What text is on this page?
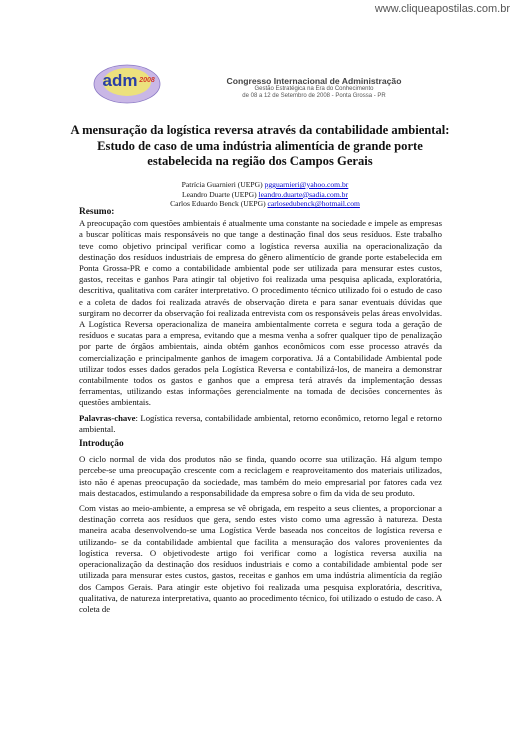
www.cliqueapostilas.com.br
adm 2008	Congresso Internacional de Administração
Gestão Estratégica na Era do Conhecimento
de 08 a 12 de Setembro de 2008 - Ponta Grossa - PR
A mensuração da logística reversa através da contabilidade ambiental:
Estudo de caso de uma indústria alimentícia de grande porte
estabelecida na região dos Campos Gerais
Patrícia Guarnieri (UEPG) pgguarnieri@yahoo.com.br
Leandro Duarte (UEPG) leandro.duarte@sadia.com.br
Carlos Eduardo Benck (UEPG) carlosedubenck@hotmail.com

Resumo:

A preocupação com questões ambientais é atualmente uma constante na sociedade e impele as empresas a buscar políticas mais responsáveis no que tange a destinação final dos seus resíduos. Este trabalho teve como objetivo principal verificar como a logística reversa auxilia na operacionalização da destinação dos resíduos industriais de empresa do gênero alimentício de grande porte estabelecida em Ponta Grossa-PR e como a contabilidade ambiental pode ser utilizada para mensurar estes custos, gastos, receitas e ganhos Para atingir tal objetivo foi realizada uma pesquisa aplicada, exploratória, descritiva, qualitativa com caráter interpretativo. O procedimento técnico utilizado foi o estudo de caso e a coleta de dados foi realizada através de observação direta e para sanar eventuais dúvidas que surgiram no decorrer da observação foi realizada entrevista com os responsáveis pelas áreas envolvidas. A Logística Reversa operacionaliza de maneira ambientalmente correta e segura toda a geração de resíduos e sucatas para a empresa, evitando que a mesma venha a sofrer qualquer tipo de penalização por parte de órgãos ambientais, ainda obtém ganhos econômicos com esse processo através da comercialização e principalmente ganhos de imagem corporativa. Já a Contabilidade Ambiental pode utilizar todos esses dados gerados pela Logística Reversa e contabilizá-los, de maneira a demonstrar contabilmente todos os gastos e ganhos que a empresa terá através da implementação dessas ferramentas, utilizando estas informações gerencialmente na tomada de decisões concernentes às questões ambientais.

Palavras-chave: Logística reversa, contabilidade ambiental, retorno econômico, retorno legal e retorno ambiental.

Introdução

O ciclo normal de vida dos produtos não se finda, quando ocorre sua utilização. Há algum tempo percebe-se uma preocupação crescente com a reciclagem e reaproveitamento dos materiais utilizados, isto não é apenas preocupação da sociedade, mas também do meio empresarial por fatores cada vez mais destacados, estimulando a responsabilidade da empresa sobre o fim da vida de seu produto.

Com vistas ao meio-ambiente, a empresa se vê obrigada, em respeito a seus clientes, a proporcionar a destinação correta aos resíduos que gera, sendo estes visto como uma agressão à natureza. Desta maneira acaba desenvolvendo-se uma Logística Verde baseada nos conceitos de logística reversa e utilizando- se da contabilidade ambiental que facilita a mensuração dos valores provenientes da logística reversa. O objetivodeste artigo foi verificar como a logística reversa auxilia na operacionalização da destinação dos resíduos industriais e como a contabilidade ambiental pode ser utilizada para mensurar estes custos, gastos, receitas e ganhos em uma indústria alimentícia da região dos Campos Gerais. Para atingir este objetivo foi realizada uma pesquisa exploratória, descritiva, qualitativa, de natureza interpretativa, quanto ao procedimento técnico, foi utilizado o estudo de caso. A coleta de
